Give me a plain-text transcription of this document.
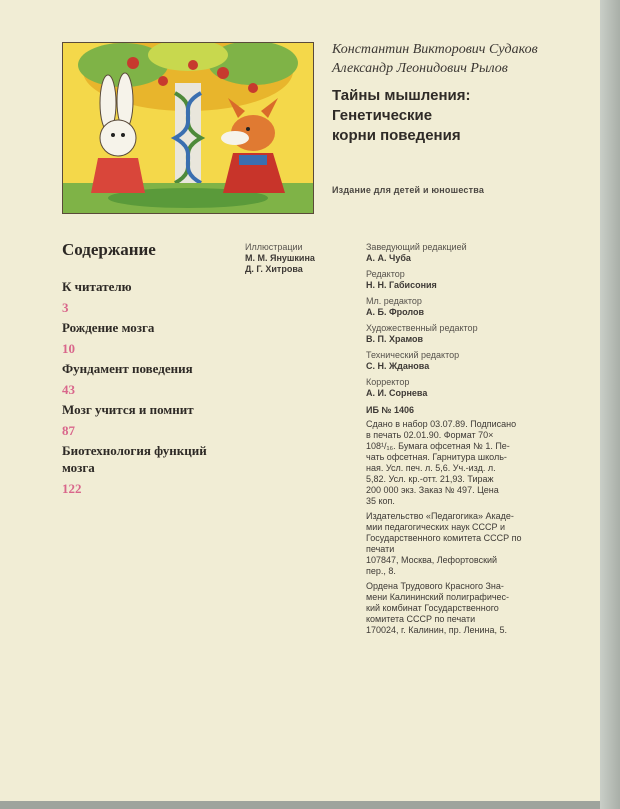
Константин Викторович Судаков
Александр Леонидович Рылов
Тайны мышления:
Генетические
корни поведения
Издание для детей и юношества
Содержание
К читателю
3
Рождение мозга
10
Фундамент поведения
43
Мозг учится и помнит
87
Биотехнология функций мозга
122
Иллюстрации
М. М. Янушкина
Д. Г. Хитрова
Заведующий редакцией
А. А. Чуба
Редактор
Н. Н. Габисония
Мл. редактор
А. Б. Фролов
Художественный редактор
В. П. Храмов
Технический редактор
С. Н. Жданова
Корректор
А. И. Сорнева
ИБ № 1406
Сдано в набор 03.07.89. Подписано
в печать 02.01.90. Формат 70×
108¹/₁₆. Бумага офсетная № 1. Пе-
чать офсетная. Гарнитура школь-
ная. Усл. печ. л. 5,6. Уч.-изд. л.
5,82. Усл. кр.-отт. 21,93. Тираж
200 000 экз. Заказ № 497. Цена
35 коп.
Издательство «Педагогика» Акаде-
мии педагогических наук СССР и
Государственного комитета СССР по
печати
107847, Москва, Лефортовский
пер., 8.
Ордена Трудового Красного Зна-
мени Калининский полиграфичес-
кий комбинат Государственного
комитета СССР по печати
170024, г. Калинин, пр. Ленина, 5.
